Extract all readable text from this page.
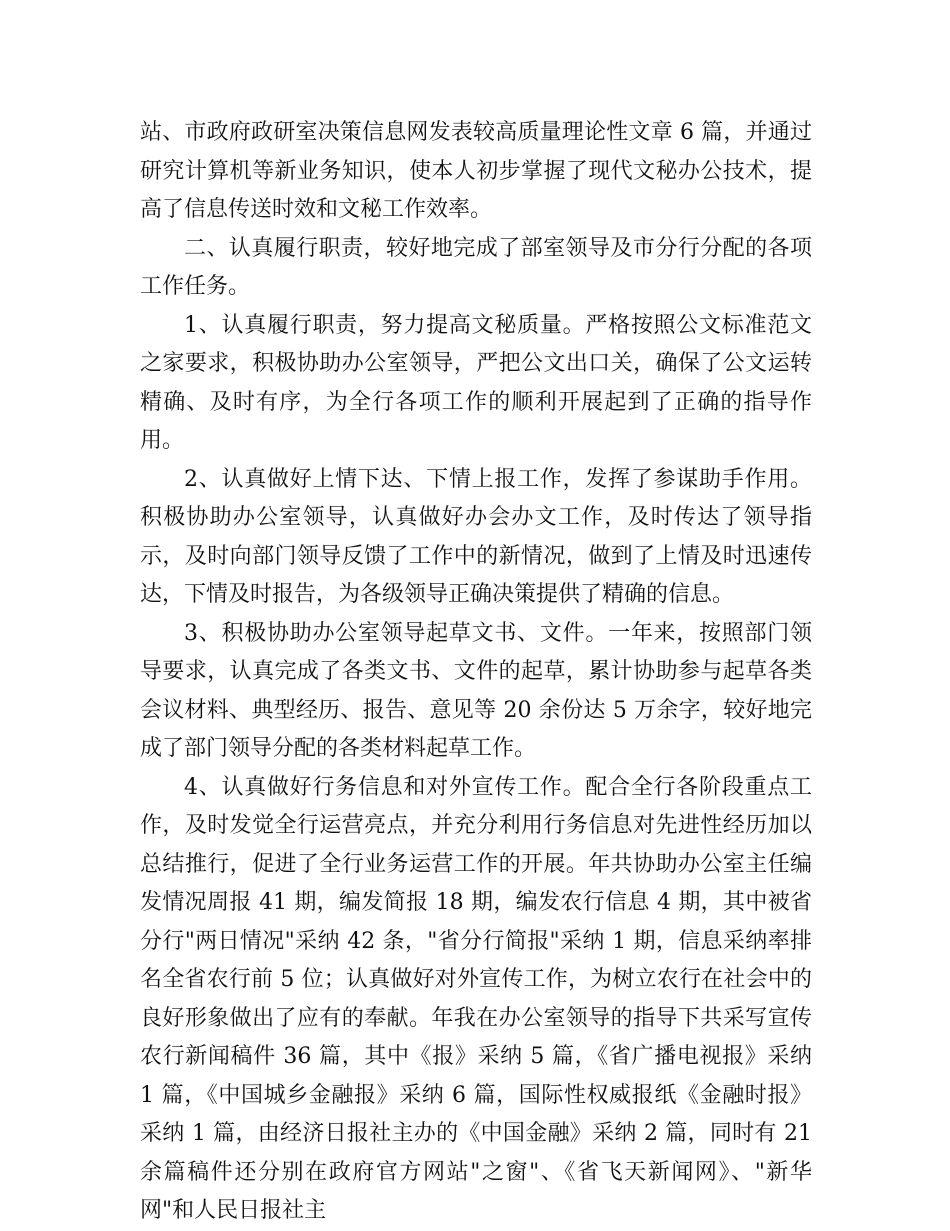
站、市政府政研室决策信息网发表较高质量理论性文章 6 篇，并通过研究计算机等新业务知识，使本人初步掌握了现代文秘办公技术，提高了信息传送时效和文秘工作效率。

二、认真履行职责，较好地完成了部室领导及市分行分配的各项工作任务。

1、认真履行职责，努力提高文秘质量。严格按照公文标准范文之家要求，积极协助办公室领导，严把公文出口关，确保了公文运转精确、及时有序，为全行各项工作的顺利开展起到了正确的指导作用。

2、认真做好上情下达、下情上报工作，发挥了参谋助手作用。积极协助办公室领导，认真做好办会办文工作，及时传达了领导指示，及时向部门领导反馈了工作中的新情况，做到了上情及时迅速传达，下情及时报告，为各级领导正确决策提供了精确的信息。

3、积极协助办公室领导起草文书、文件。一年来，按照部门领导要求，认真完成了各类文书、文件的起草，累计协助参与起草各类会议材料、典型经历、报告、意见等 20 余份达 5 万余字，较好地完成了部门领导分配的各类材料起草工作。

4、认真做好行务信息和对外宣传工作。配合全行各阶段重点工作，及时发觉全行运营亮点，并充分利用行务信息对先进性经历加以总结推行，促进了全行业务运营工作的开展。年共协助办公室主任编发情况周报 41 期，编发简报 18 期，编发农行信息 4 期，其中被省分行"两日情况"采纳 42 条，"省分行简报"采纳 1 期，信息采纳率排名全省农行前 5 位；认真做好对外宣传工作，为树立农行在社会中的良好形象做出了应有的奉献。年我在办公室领导的指导下共采写宣传农行新闻稿件 36 篇，其中《报》采纳 5 篇，《省广播电视报》采纳 1 篇，《中国城乡金融报》采纳 6 篇，国际性权威报纸《金融时报》采纳 1 篇，由经济日报社主办的《中国金融》采纳 2 篇，同时有 21 余篇稿件还分别在政府官方网站"之窗"、《省飞天新闻网》、"新华网"和人民日报社主
